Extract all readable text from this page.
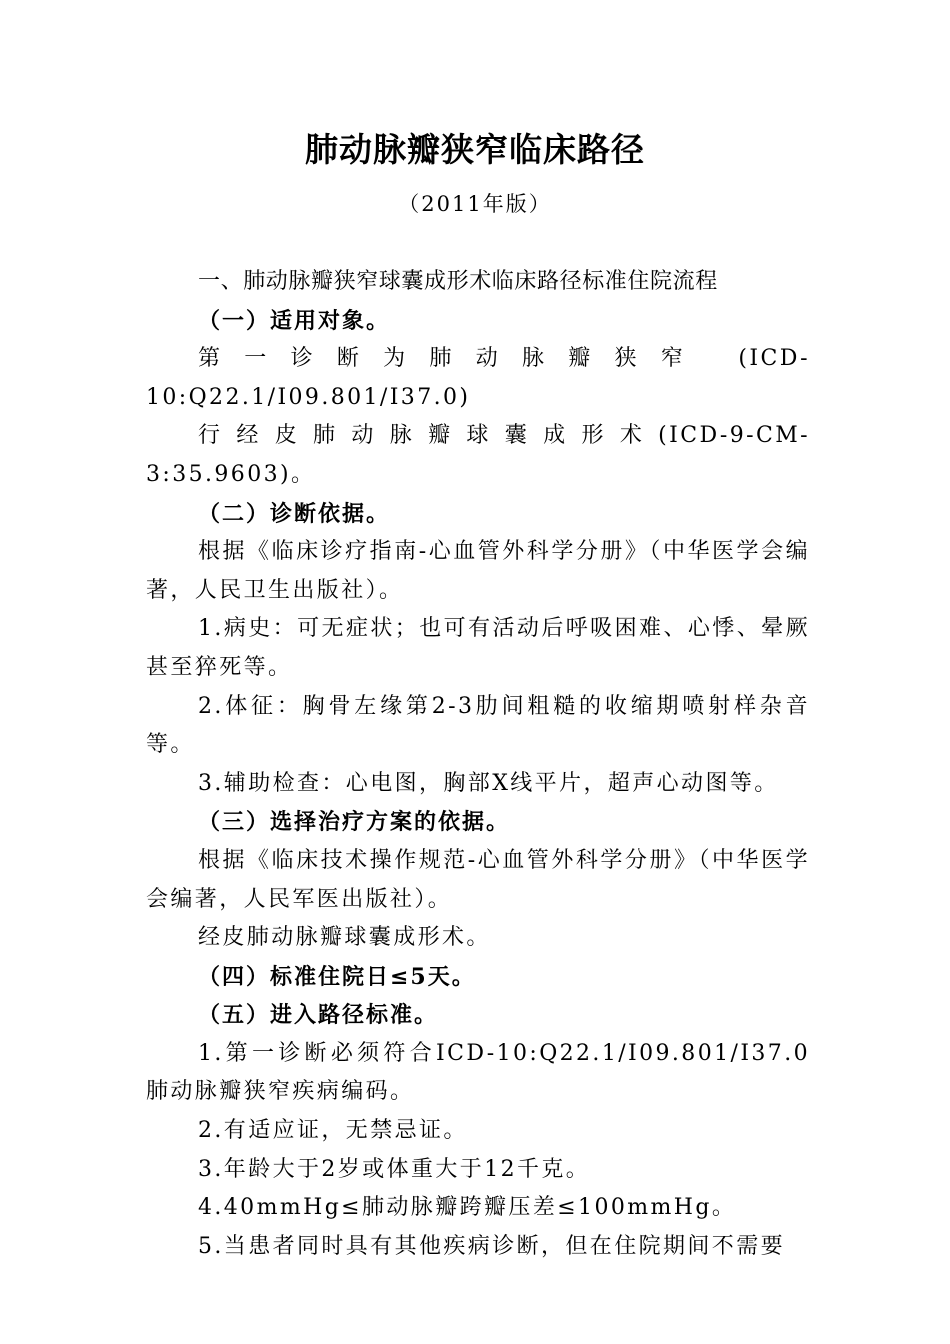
肺动脉瓣狭窄临床路径
（2011年版）

一、肺动脉瓣狭窄球囊成形术临床路径标准住院流程

（一）适用对象。

第一诊断为肺动脉瓣狭窄 (ICD-10:Q22.1/I09.801/I37.0)

行经皮肺动脉瓣球囊成形术(ICD-9-CM-3:35.9603)。

（二）诊断依据。

根据《临床诊疗指南-心血管外科学分册》（中华医学会编著，人民卫生出版社）。

1.病史：可无症状；也可有活动后呼吸困难、心悸、晕厥甚至猝死等。

2.体征：胸骨左缘第2-3肋间粗糙的收缩期喷射样杂音等。

3.辅助检查：心电图，胸部X线平片，超声心动图等。

（三）选择治疗方案的依据。

根据《临床技术操作规范-心血管外科学分册》（中华医学会编著，人民军医出版社）。

经皮肺动脉瓣球囊成形术。

（四）标准住院日≤5天。

（五）进入路径标准。

1.第一诊断必须符合ICD-10:Q22.1/I09.801/I37.0肺动脉瓣狭窄疾病编码。

2.有适应证，无禁忌证。

3.年龄大于2岁或体重大于12千克。

4.40mmHg≤肺动脉瓣跨瓣压差≤100mmHg。

5.当患者同时具有其他疾病诊断，但在住院期间不需要
